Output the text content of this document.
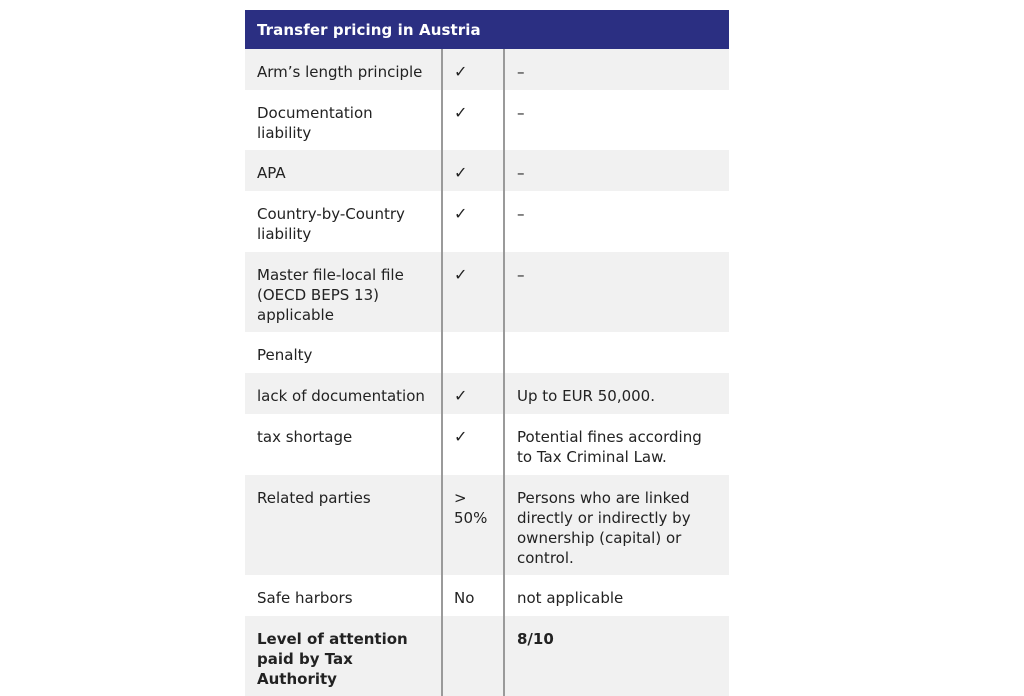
Transfer pricing in Austria
Arm’s length principle	✓	–
Documentation liability	✓	–
APA	✓	–
Country-by-Country liability	✓	–
Master file-local file (OECD BEPS 13) applicable	✓	–
Penalty		
lack of documentation	✓	Up to EUR 50,000.
tax shortage	✓	Potential fines according to Tax Criminal Law.
Related parties	> 50%	Persons who are linked directly or indirectly by ownership (capital) or control.
Safe harbors	No	not applicable
Level of attention paid by Tax Authority		8/10
